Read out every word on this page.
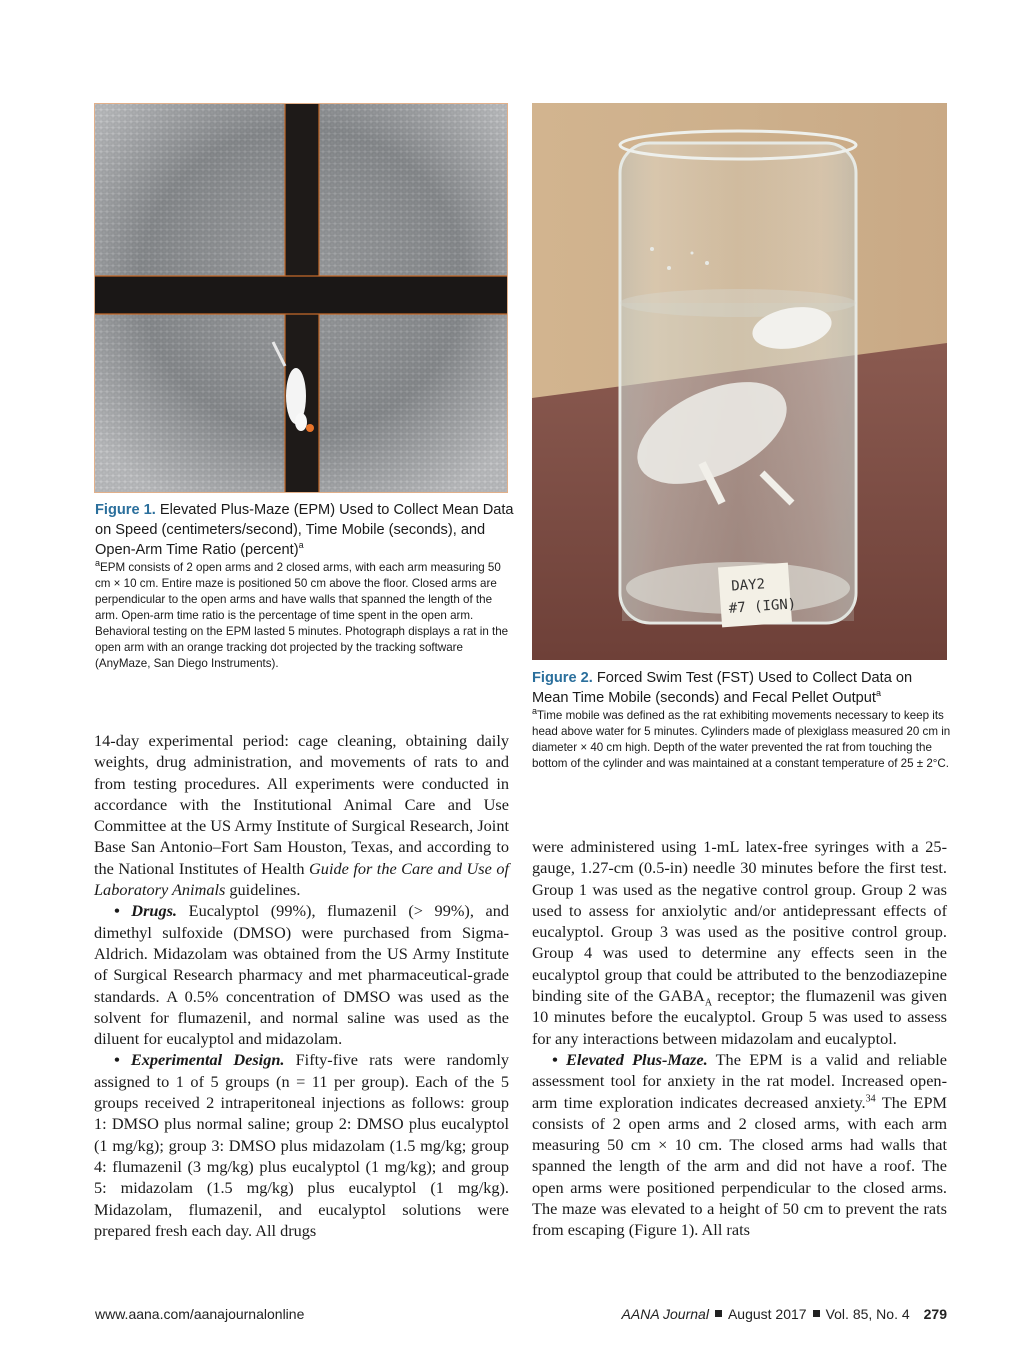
DAY2
#7 (IGN)

Figure 1. Elevated Plus-Maze (EPM) Used to Collect Mean Data on Speed (centimeters/second), Time Mobile (seconds), and Open-Arm Time Ratio (percent)$^a$

$^a$EPM consists of 2 open arms and 2 closed arms, with each arm measuring 50 cm × 10 cm. Entire maze is positioned 50 cm above the floor. Closed arms are perpendicular to the open arms and have walls that spanned the length of the arm. Open-arm time ratio is the percentage of time spent in the open arm. Behavioral testing on the EPM lasted 5 minutes. Photograph displays a rat in the open arm with an orange tracking dot projected by the tracking software (AnyMaze, San Diego Instruments).

Figure 2. Forced Swim Test (FST) Used to Collect Data on Mean Time Mobile (seconds) and Fecal Pellet Output$^a$

$^a$Time mobile was defined as the rat exhibiting movements necessary to keep its head above water for 5 minutes. Cylinders made of plexiglass measured 20 cm in diameter × 40 cm high. Depth of the water prevented the rat from touching the bottom of the cylinder and was maintained at a constant temperature of 25 ± 2°C.

14-day experimental period: cage cleaning, obtaining daily weights, drug administration, and movements of rats to and from testing procedures. All experiments were conducted in accordance with the Institutional Animal Care and Use Committee at the US Army Institute of Surgical Research, Joint Base San Antonio–Fort Sam Houston, Texas, and according to the National Institutes of Health Guide for the Care and Use of Laboratory Animals guidelines.

• Drugs. Eucalyptol (99%), flumazenil (> 99%), and dimethyl sulfoxide (DMSO) were purchased from Sigma-Aldrich. Midazolam was obtained from the US Army Institute of Surgical Research pharmacy and met pharmaceutical-grade standards. A 0.5% concentration of DMSO was used as the solvent for flumazenil, and normal saline was used as the diluent for eucalyptol and midazolam.

• Experimental Design. Fifty-five rats were randomly assigned to 1 of 5 groups (n = 11 per group). Each of the 5 groups received 2 intraperitoneal injections as follows: group 1: DMSO plus normal saline; group 2: DMSO plus eucalyptol (1 mg/kg); group 3: DMSO plus midazolam (1.5 mg/kg; group 4: flumazenil (3 mg/kg) plus eucalyptol (1 mg/kg); and group 5: midazolam (1.5 mg/kg) plus eucalyptol (1 mg/kg). Midazolam, flumazenil, and eucalyptol solutions were prepared fresh each day. All drugs

were administered using 1-mL latex-free syringes with a 25-gauge, 1.27-cm (0.5-in) needle 30 minutes before the first test. Group 1 was used as the negative control group. Group 2 was used to assess for anxiolytic and/or antidepressant effects of eucalyptol. Group 3 was used as the positive control group. Group 4 was used to determine any effects seen in the eucalyptol group that could be attributed to the benzodiazepine binding site of the $GABA_A$ receptor; the flumazenil was given 10 minutes before the eucalyptol. Group 5 was used to assess for any interactions between midazolam and eucalyptol.

• Elevated Plus-Maze. The EPM is a valid and reliable assessment tool for anxiety in the rat model. Increased open-arm time exploration indicates decreased anxiety.$^{34}$ The EPM consists of 2 open arms and 2 closed arms, with each arm measuring 50 cm × 10 cm. The closed arms had walls that spanned the length of the arm and did not have a roof. The open arms were positioned perpendicular to the closed arms. The maze was elevated to a height of 50 cm to prevent the rats from escaping (Figure 1). All rats

www.aana.com/aanajournalonline	AANA Journal August 2017 Vol. 85, No. 4 279
